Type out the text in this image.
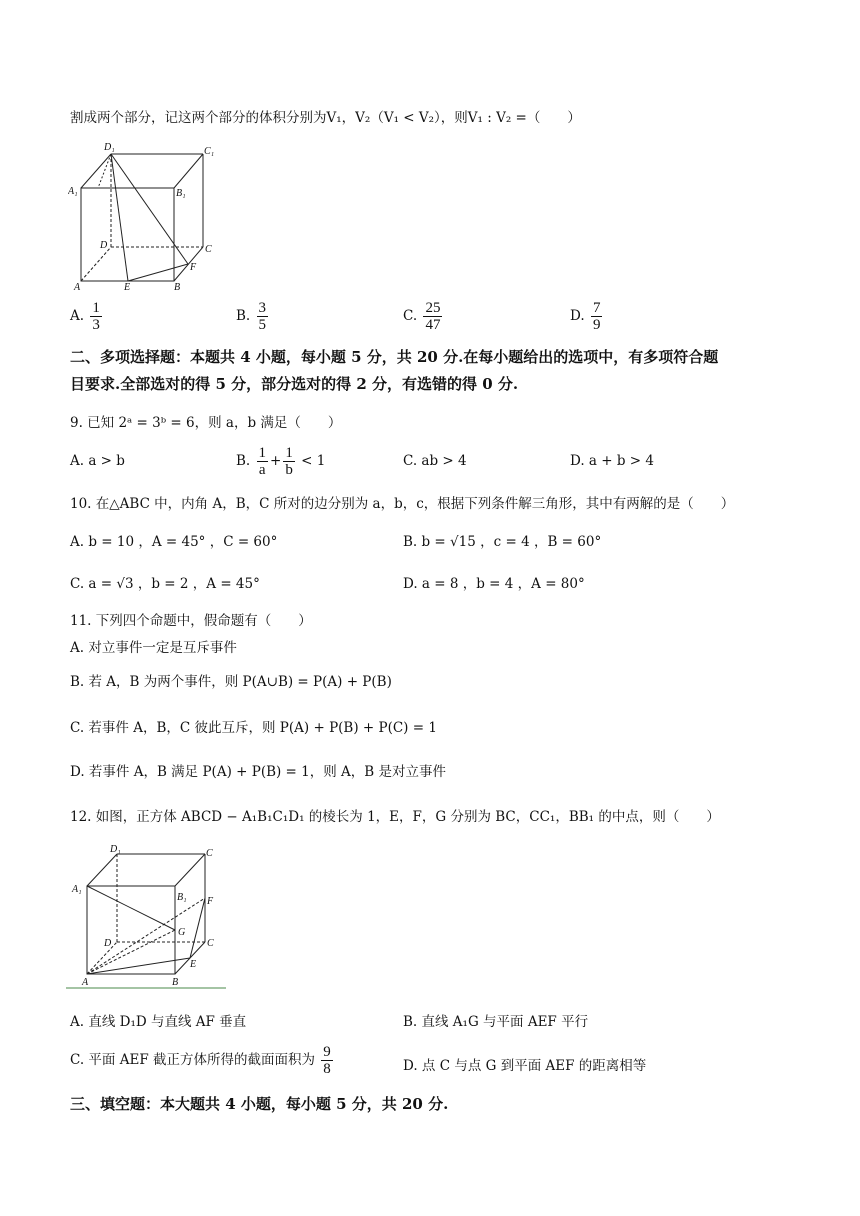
割成两个部分，记这两个部分的体积分别为V₁，V₂（V₁ < V₂），则V₁ : V₂ =（　　）
D₁	C₁
A₁	B₁
D	C
F
A	E	B
A. $\frac{1}{3}$	B. $\frac{3}{5}$	C. $\frac{25}{47}$	D. $\frac{7}{9}$
二、多项选择题：本题共 4 小题，每小题 5 分，共 20 分.在每小题给出的选项中，有多项符合题
目要求.全部选对的得 5 分，部分选对的得 2 分，有选错的得 0 分.
9. 已知 2ᵃ = 3ᵇ = 6，则 a，b 满足（　　）
A. a > b	B. $\frac{1}{a} + \frac{1}{b} < 1$	C. ab > 4	D. a + b > 4
10. 在△ABC 中，内角 A，B，C 所对的边分别为 a，b，c，根据下列条件解三角形，其中有两解的是（　　）
A. b = 10 ，A = 45° ，C = 60°	B. b = √15 ，c = 4 ，B = 60°
C. a = √3 ，b = 2 ，A = 45°	D. a = 8 ，b = 4 ，A = 80°
11. 下列四个命题中，假命题有（　　）
A. 对立事件一定是互斥事件
B. 若 A，B 为两个事件，则 P(A∪B) = P(A) + P(B)
C. 若事件 A，B，C 彼此互斥，则 P(A) + P(B) + P(C) = 1
D. 若事件 A，B 满足 P(A) + P(B) = 1，则 A，B 是对立事件
12. 如图，正方体 ABCD − A₁B₁C₁D₁ 的棱长为 1，E，F，G 分别为 BC，CC₁，BB₁ 的中点，则（　　）
D₁	C
A₁
B₁ F
G
D	C
E
A	B
A. 直线 D₁D 与直线 AF 垂直	B. 直线 A₁G 与平面 AEF 平行
C. 平面 AEF 截正方体所得的截面面积为 $\frac{9}{8}$	D. 点 C 与点 G 到平面 AEF 的距离相等
三、填空题：本大题共 4 小题，每小题 5 分，共 20 分.
